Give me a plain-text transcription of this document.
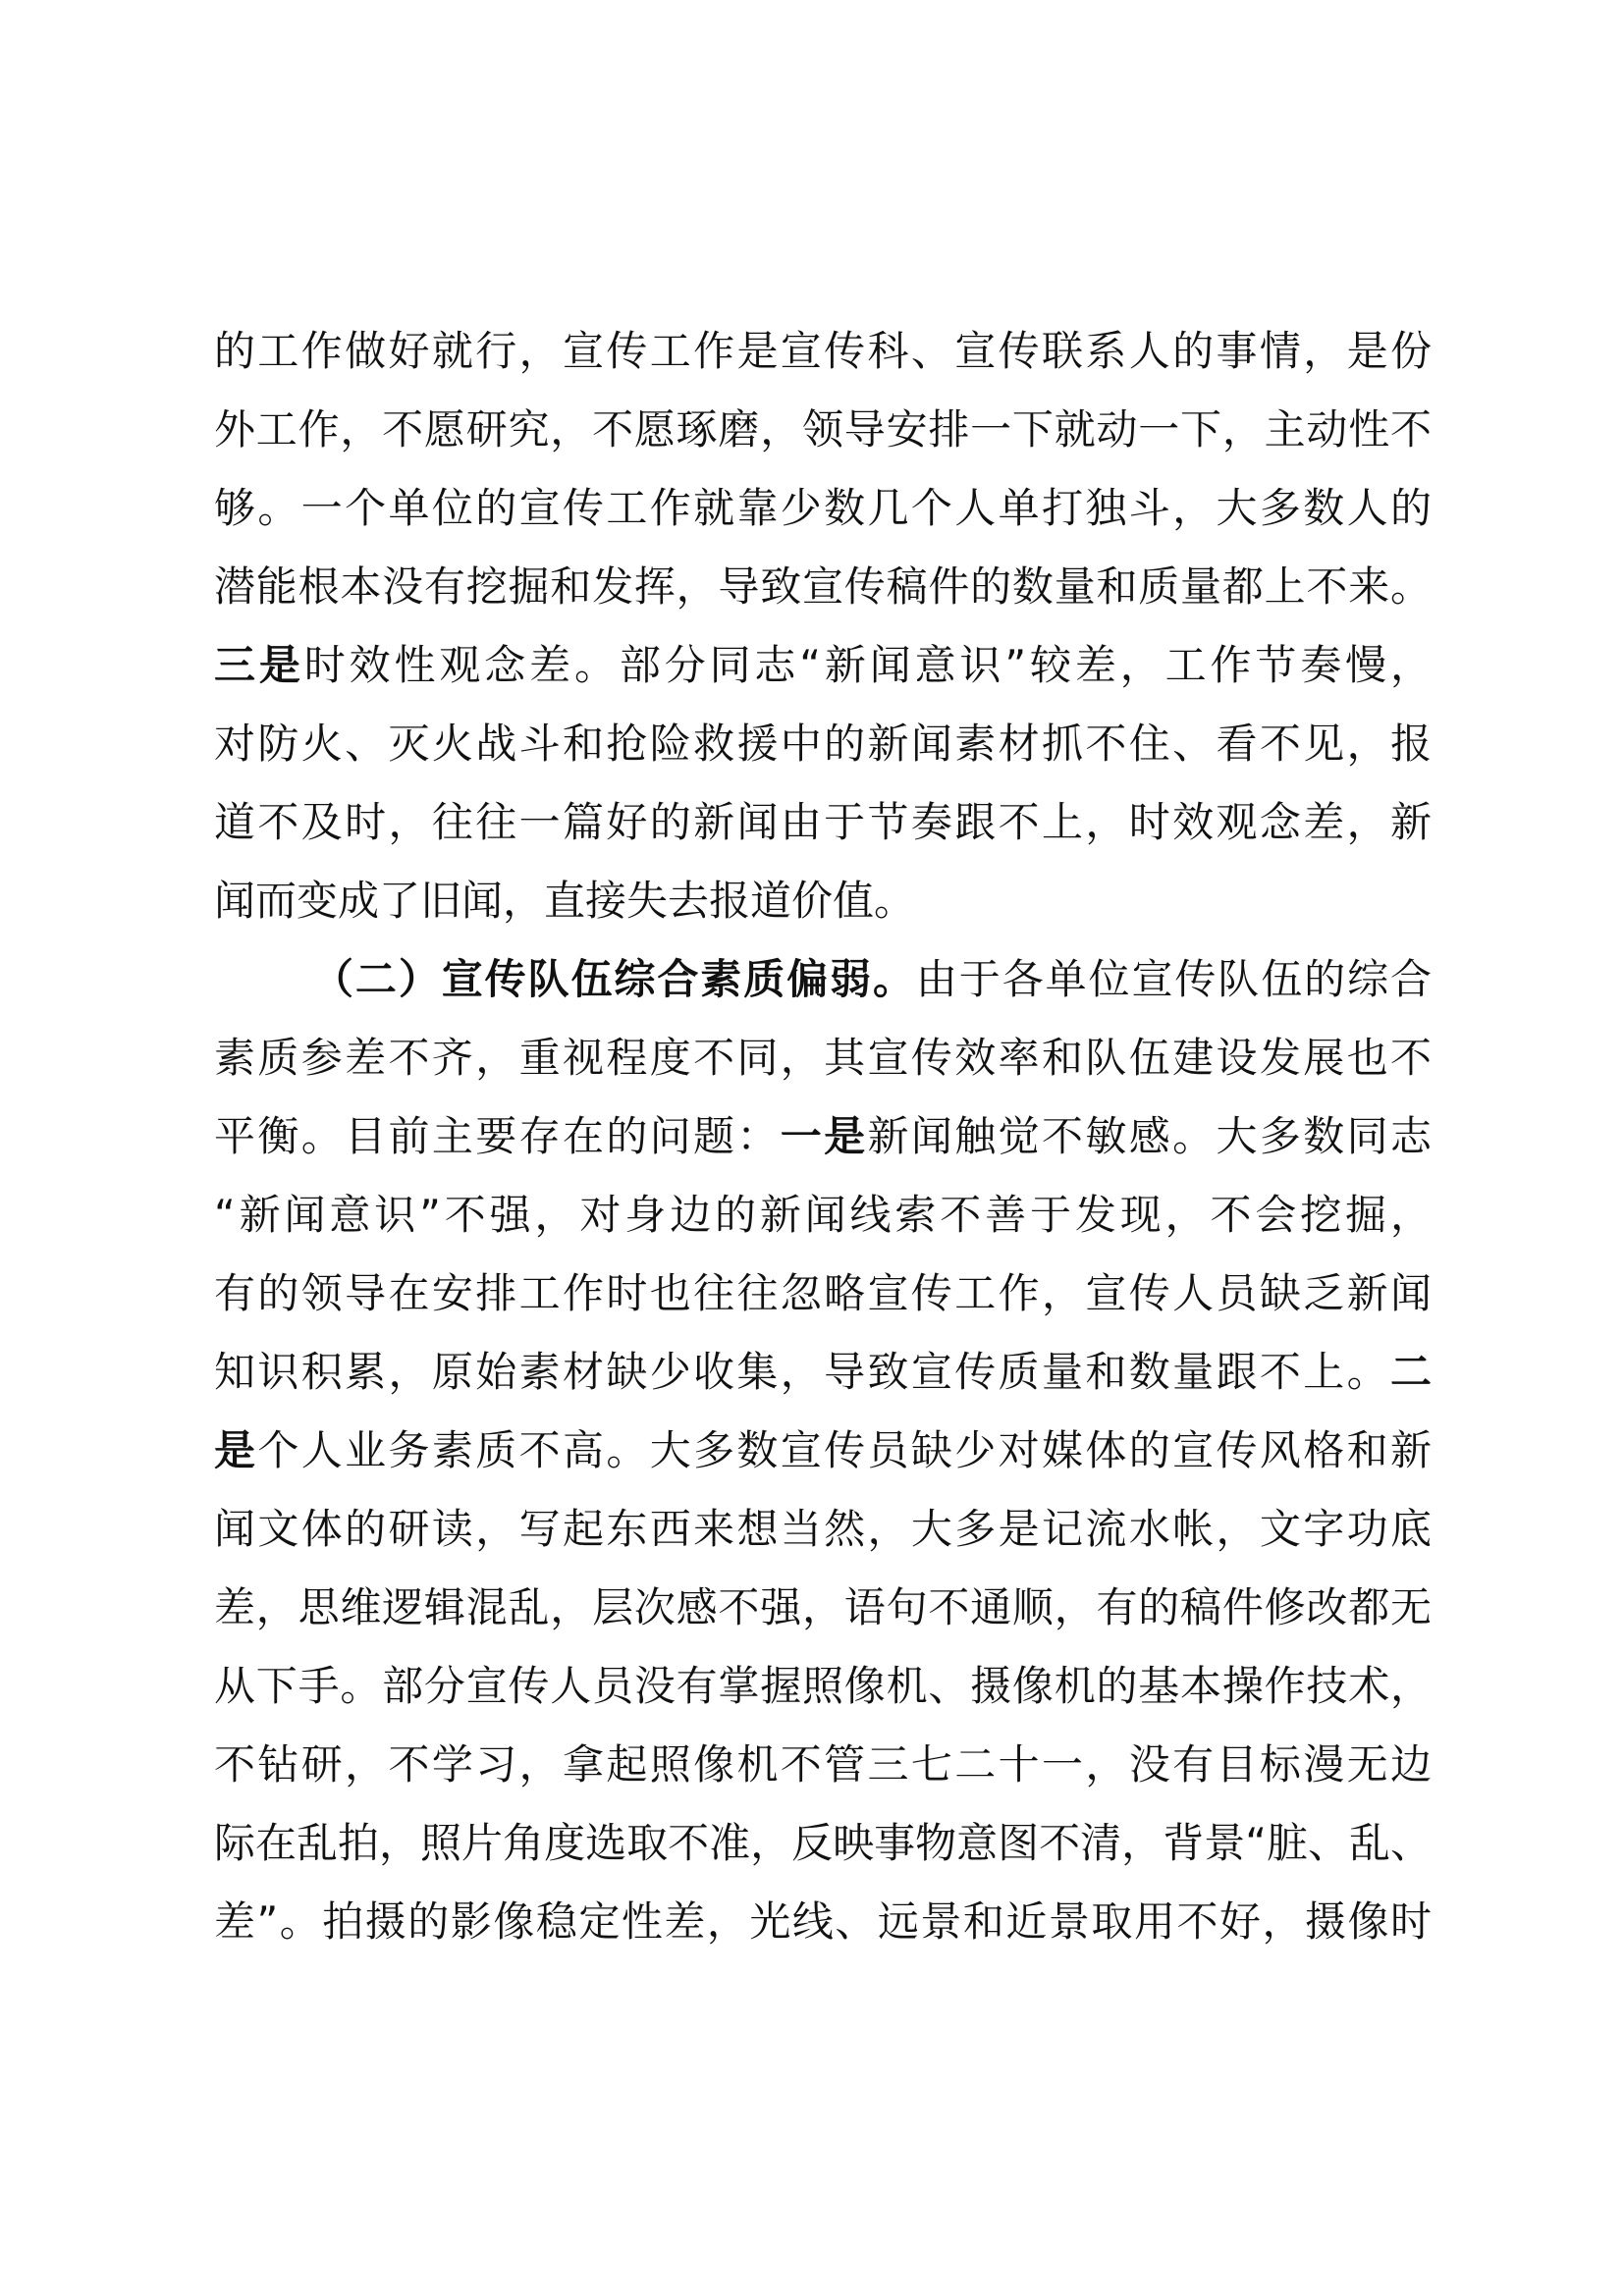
的工作做好就行，宣传工作是宣传科、宣传联系人的事情，是份
外工作，不愿研究，不愿琢磨，领导安排一下就动一下，主动性不
够。一个单位的宣传工作就靠少数几个人单打独斗，大多数人的
潜能根本没有挖掘和发挥，导致宣传稿件的数量和质量都上不来。
三是时效性观念差。部分同志“新闻意识”较差，工作节奏慢，
对防火、灭火战斗和抢险救援中的新闻素材抓不住、看不见，报
道不及时，往往一篇好的新闻由于节奏跟不上，时效观念差，新
闻而变成了旧闻，直接失去报道价值。
（二）宣传队伍综合素质偏弱。由于各单位宣传队伍的综合
素质参差不齐，重视程度不同，其宣传效率和队伍建设发展也不
平衡。目前主要存在的问题：一是新闻触觉不敏感。大多数同志
“新闻意识”不强，对身边的新闻线索不善于发现，不会挖掘，
有的领导在安排工作时也往往忽略宣传工作，宣传人员缺乏新闻
知识积累，原始素材缺少收集，导致宣传质量和数量跟不上。二
是个人业务素质不高。大多数宣传员缺少对媒体的宣传风格和新
闻文体的研读，写起东西来想当然，大多是记流水帐，文字功底
差，思维逻辑混乱，层次感不强，语句不通顺，有的稿件修改都无
从下手。部分宣传人员没有掌握照像机、摄像机的基本操作技术，
不钻研，不学习，拿起照像机不管三七二十一，没有目标漫无边
际在乱拍，照片角度选取不准，反映事物意图不清，背景“脏、乱、
差”。拍摄的影像稳定性差，光线、远景和近景取用不好，摄像时
